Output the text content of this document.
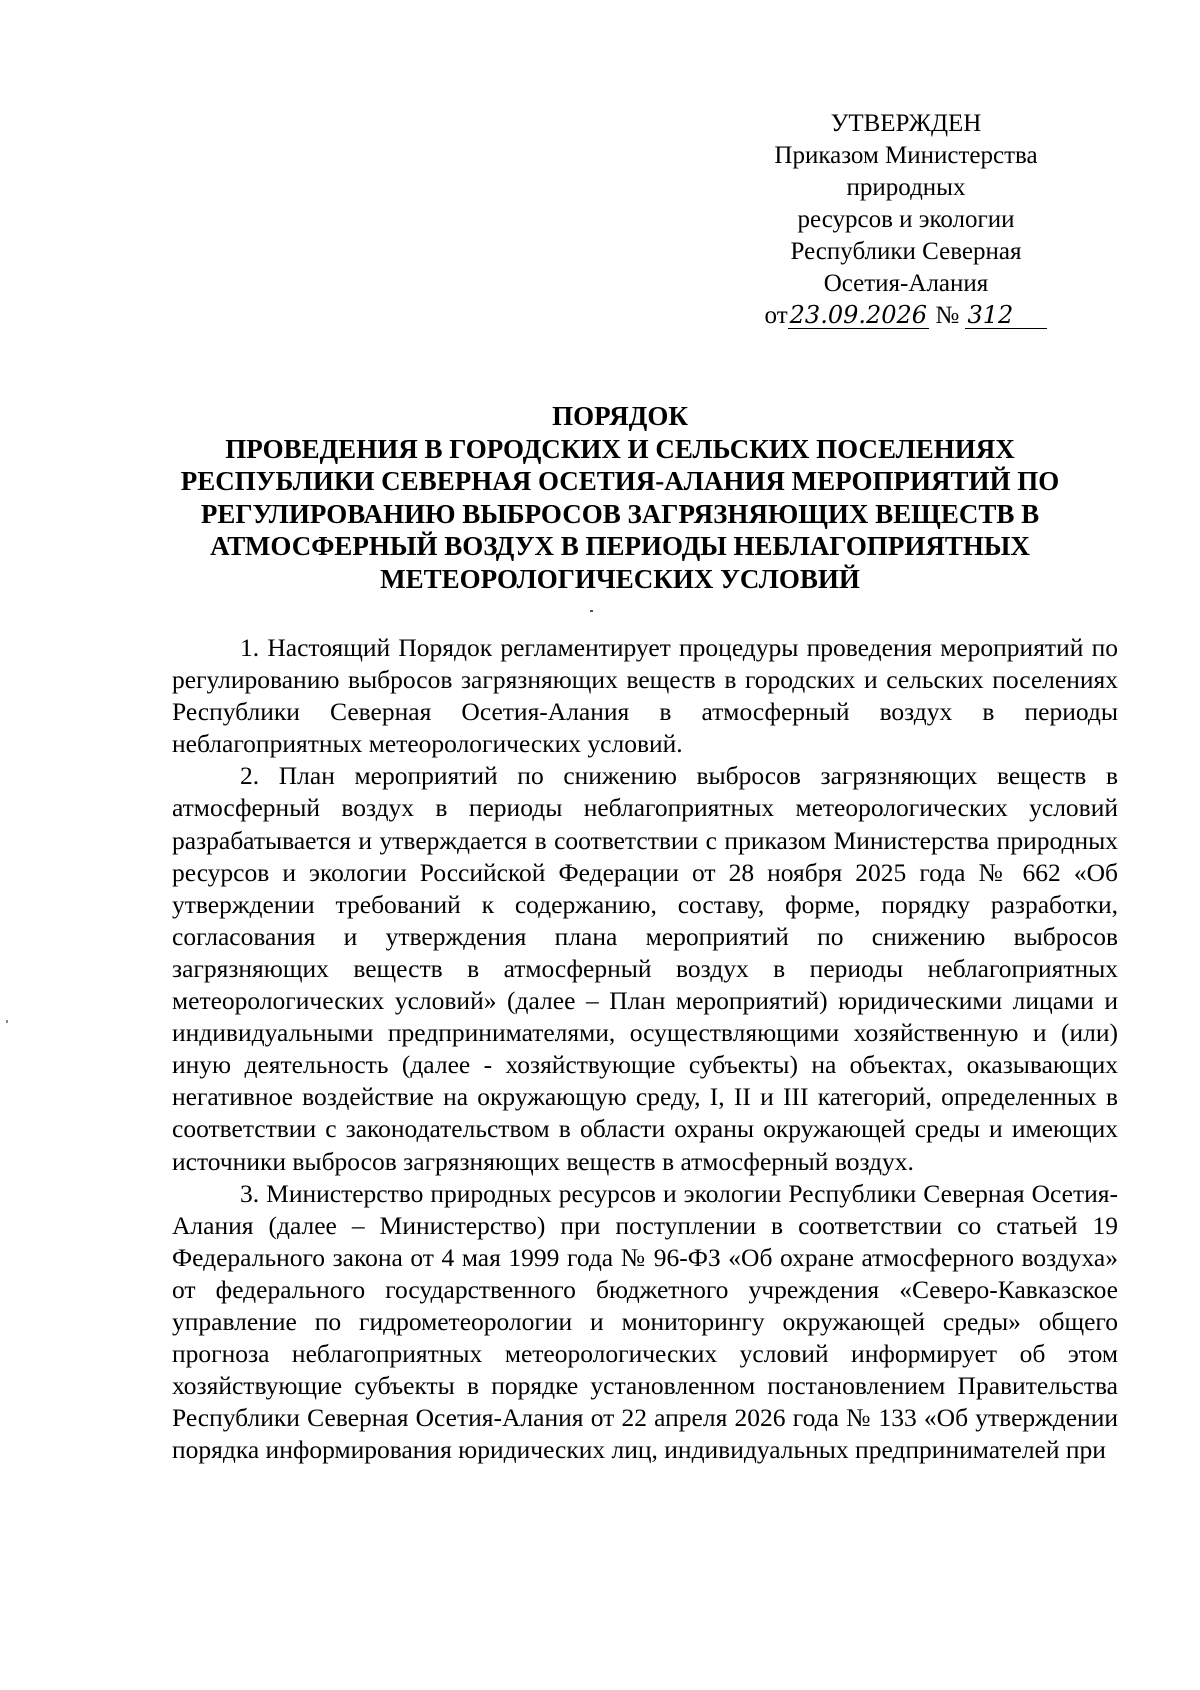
УТВЕРЖДЕН
Приказом Министерства
природных
ресурсов и экологии
Республики Северная
Осетия-Алания
от23.09.2026 № 312
ПОРЯДОК
ПРОВЕДЕНИЯ В ГОРОДСКИХ И СЕЛЬСКИХ ПОСЕЛЕНИЯХ
РЕСПУБЛИКИ СЕВЕРНАЯ ОСЕТИЯ-АЛАНИЯ МЕРОПРИЯТИЙ ПО
РЕГУЛИРОВАНИЮ ВЫБРОСОВ ЗАГРЯЗНЯЮЩИХ ВЕЩЕСТВ В
АТМОСФЕРНЫЙ ВОЗДУХ В ПЕРИОДЫ НЕБЛАГОПРИЯТНЫХ
МЕТЕОРОЛОГИЧЕСКИХ УСЛОВИЙ

1. Настоящий Порядок регламентирует процедуры проведения мероприятий по регулированию выбросов загрязняющих веществ в городских и сельских поселениях Республики Северная Осетия-Алания в атмосферный воздух в периоды неблагоприятных метеорологических условий.

2. План мероприятий по снижению выбросов загрязняющих веществ в атмосферный воздух в периоды неблагоприятных метеорологических условий разрабатывается и утверждается в соответствии с приказом Министерства природных ресурсов и экологии Российской Федерации от 28 ноября 2025 года № 662 «Об утверждении требований к содержанию, составу, форме, порядку разработки, согласования и утверждения плана мероприятий по снижению выбросов загрязняющих веществ в атмосферный воздух в периоды неблагоприятных метеорологических условий» (далее – План мероприятий) юридическими лицами и индивидуальными предпринимателями, осуществляющими хозяйственную и (или) иную деятельность (далее - хозяйствующие субъекты) на объектах, оказывающих негативное воздействие на окружающую среду, I, II и III категорий, определенных в соответствии с законодательством в области охраны окружающей среды и имеющих источники выбросов загрязняющих веществ в атмосферный воздух.

3. Министерство природных ресурсов и экологии Республики Северная Осетия-Алания (далее – Министерство) при поступлении в соответствии со статьей 19 Федерального закона от 4 мая 1999 года № 96-ФЗ «Об охране атмосферного воздуха» от федерального государственного бюджетного учреждения «Северо-Кавказское управление по гидрометеорологии и мониторингу окружающей среды» общего прогноза неблагоприятных метеорологических условий информирует об этом хозяйствующие субъекты в порядке установленном постановлением Правительства Республики Северная Осетия-Алания от 22 апреля 2026 года № 133 «Об утверждении порядка информирования юридических лиц, индивидуальных предпринимателей при
